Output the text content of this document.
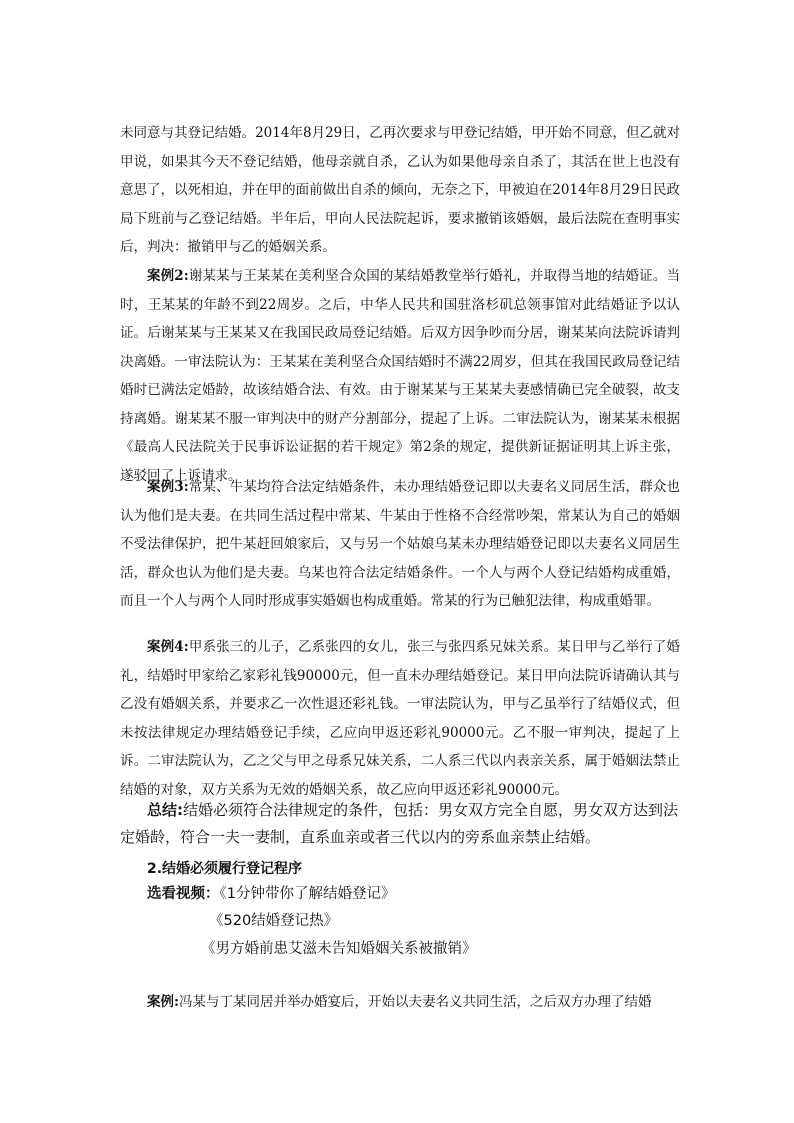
未同意与其登记结婚。2014年8月29日，乙再次要求与甲登记结婚，甲开始不同意，但乙就对甲说，如果其今天不登记结婚，他母亲就自杀，乙认为如果他母亲自杀了，其活在世上也没有意思了，以死相迫，并在甲的面前做出自杀的倾向，无奈之下，甲被迫在2014年8月29日民政局下班前与乙登记结婚。半年后，甲向人民法院起诉，要求撤销该婚姻，最后法院在查明事实后，判决：撤销甲与乙的婚姻关系。
案例2:谢某某与王某某在美利坚合众国的某结婚教堂举行婚礼，并取得当地的结婚证。当时，王某某的年龄不到22周岁。之后，中华人民共和国驻洛杉矶总领事馆对此结婚证予以认证。后谢某某与王某某又在我国民政局登记结婚。后双方因争吵而分居，谢某某向法院诉请判决离婚。一审法院认为：王某某在美利坚合众国结婚时不满22周岁，但其在我国民政局登记结婚时已满法定婚龄，故该结婚合法、有效。由于谢某某与王某某夫妻感情确已完全破裂，故支持离婚。谢某某不服一审判决中的财产分割部分，提起了上诉。二审法院认为，谢某某未根据《最高人民法院关于民事诉讼证据的若干规定》第2条的规定，提供新证据证明其上诉主张，遂驳回了上诉请求。
案例3:常某、牛某均符合法定结婚条件，未办理结婚登记即以夫妻名义同居生活，群众也认为他们是夫妻。在共同生活过程中常某、牛某由于性格不合经常吵架，常某认为自己的婚姻不受法律保护，把牛某赶回娘家后，又与另一个姑娘乌某未办理结婚登记即以夫妻名义同居生活，群众也认为他们是夫妻。乌某也符合法定结婚条件。一个人与两个人登记结婚构成重婚，而且一个人与两个人同时形成事实婚姻也构成重婚。常某的行为已触犯法律，构成重婚罪。
案例4:甲系张三的儿子，乙系张四的女儿，张三与张四系兄妹关系。某日甲与乙举行了婚礼，结婚时甲家给乙家彩礼钱90000元，但一直未办理结婚登记。某日甲向法院诉请确认其与乙没有婚姻关系，并要求乙一次性退还彩礼钱。一审法院认为，甲与乙虽举行了结婚仪式，但未按法律规定办理结婚登记手续，乙应向甲返还彩礼90000元。乙不服一审判决，提起了上诉。二审法院认为，乙之父与甲之母系兄妹关系，二人系三代以内表亲关系，属于婚姻法禁止结婚的对象，双方关系为无效的婚姻关系，故乙应向甲返还彩礼90000元。
总结:结婚必须符合法律规定的条件，包括：男女双方完全自愿，男女双方达到法定婚龄，符合一夫一妻制，直系血亲或者三代以内的旁系血亲禁止结婚。
2.结婚必须履行登记程序
选看视频：《1分钟带你了解结婚登记》
《520结婚登记热》
《男方婚前患艾滋未告知婚姻关系被撤销》
案例:冯某与丁某同居并举办婚宴后，开始以夫妻名义共同生活，之后双方办理了结婚
